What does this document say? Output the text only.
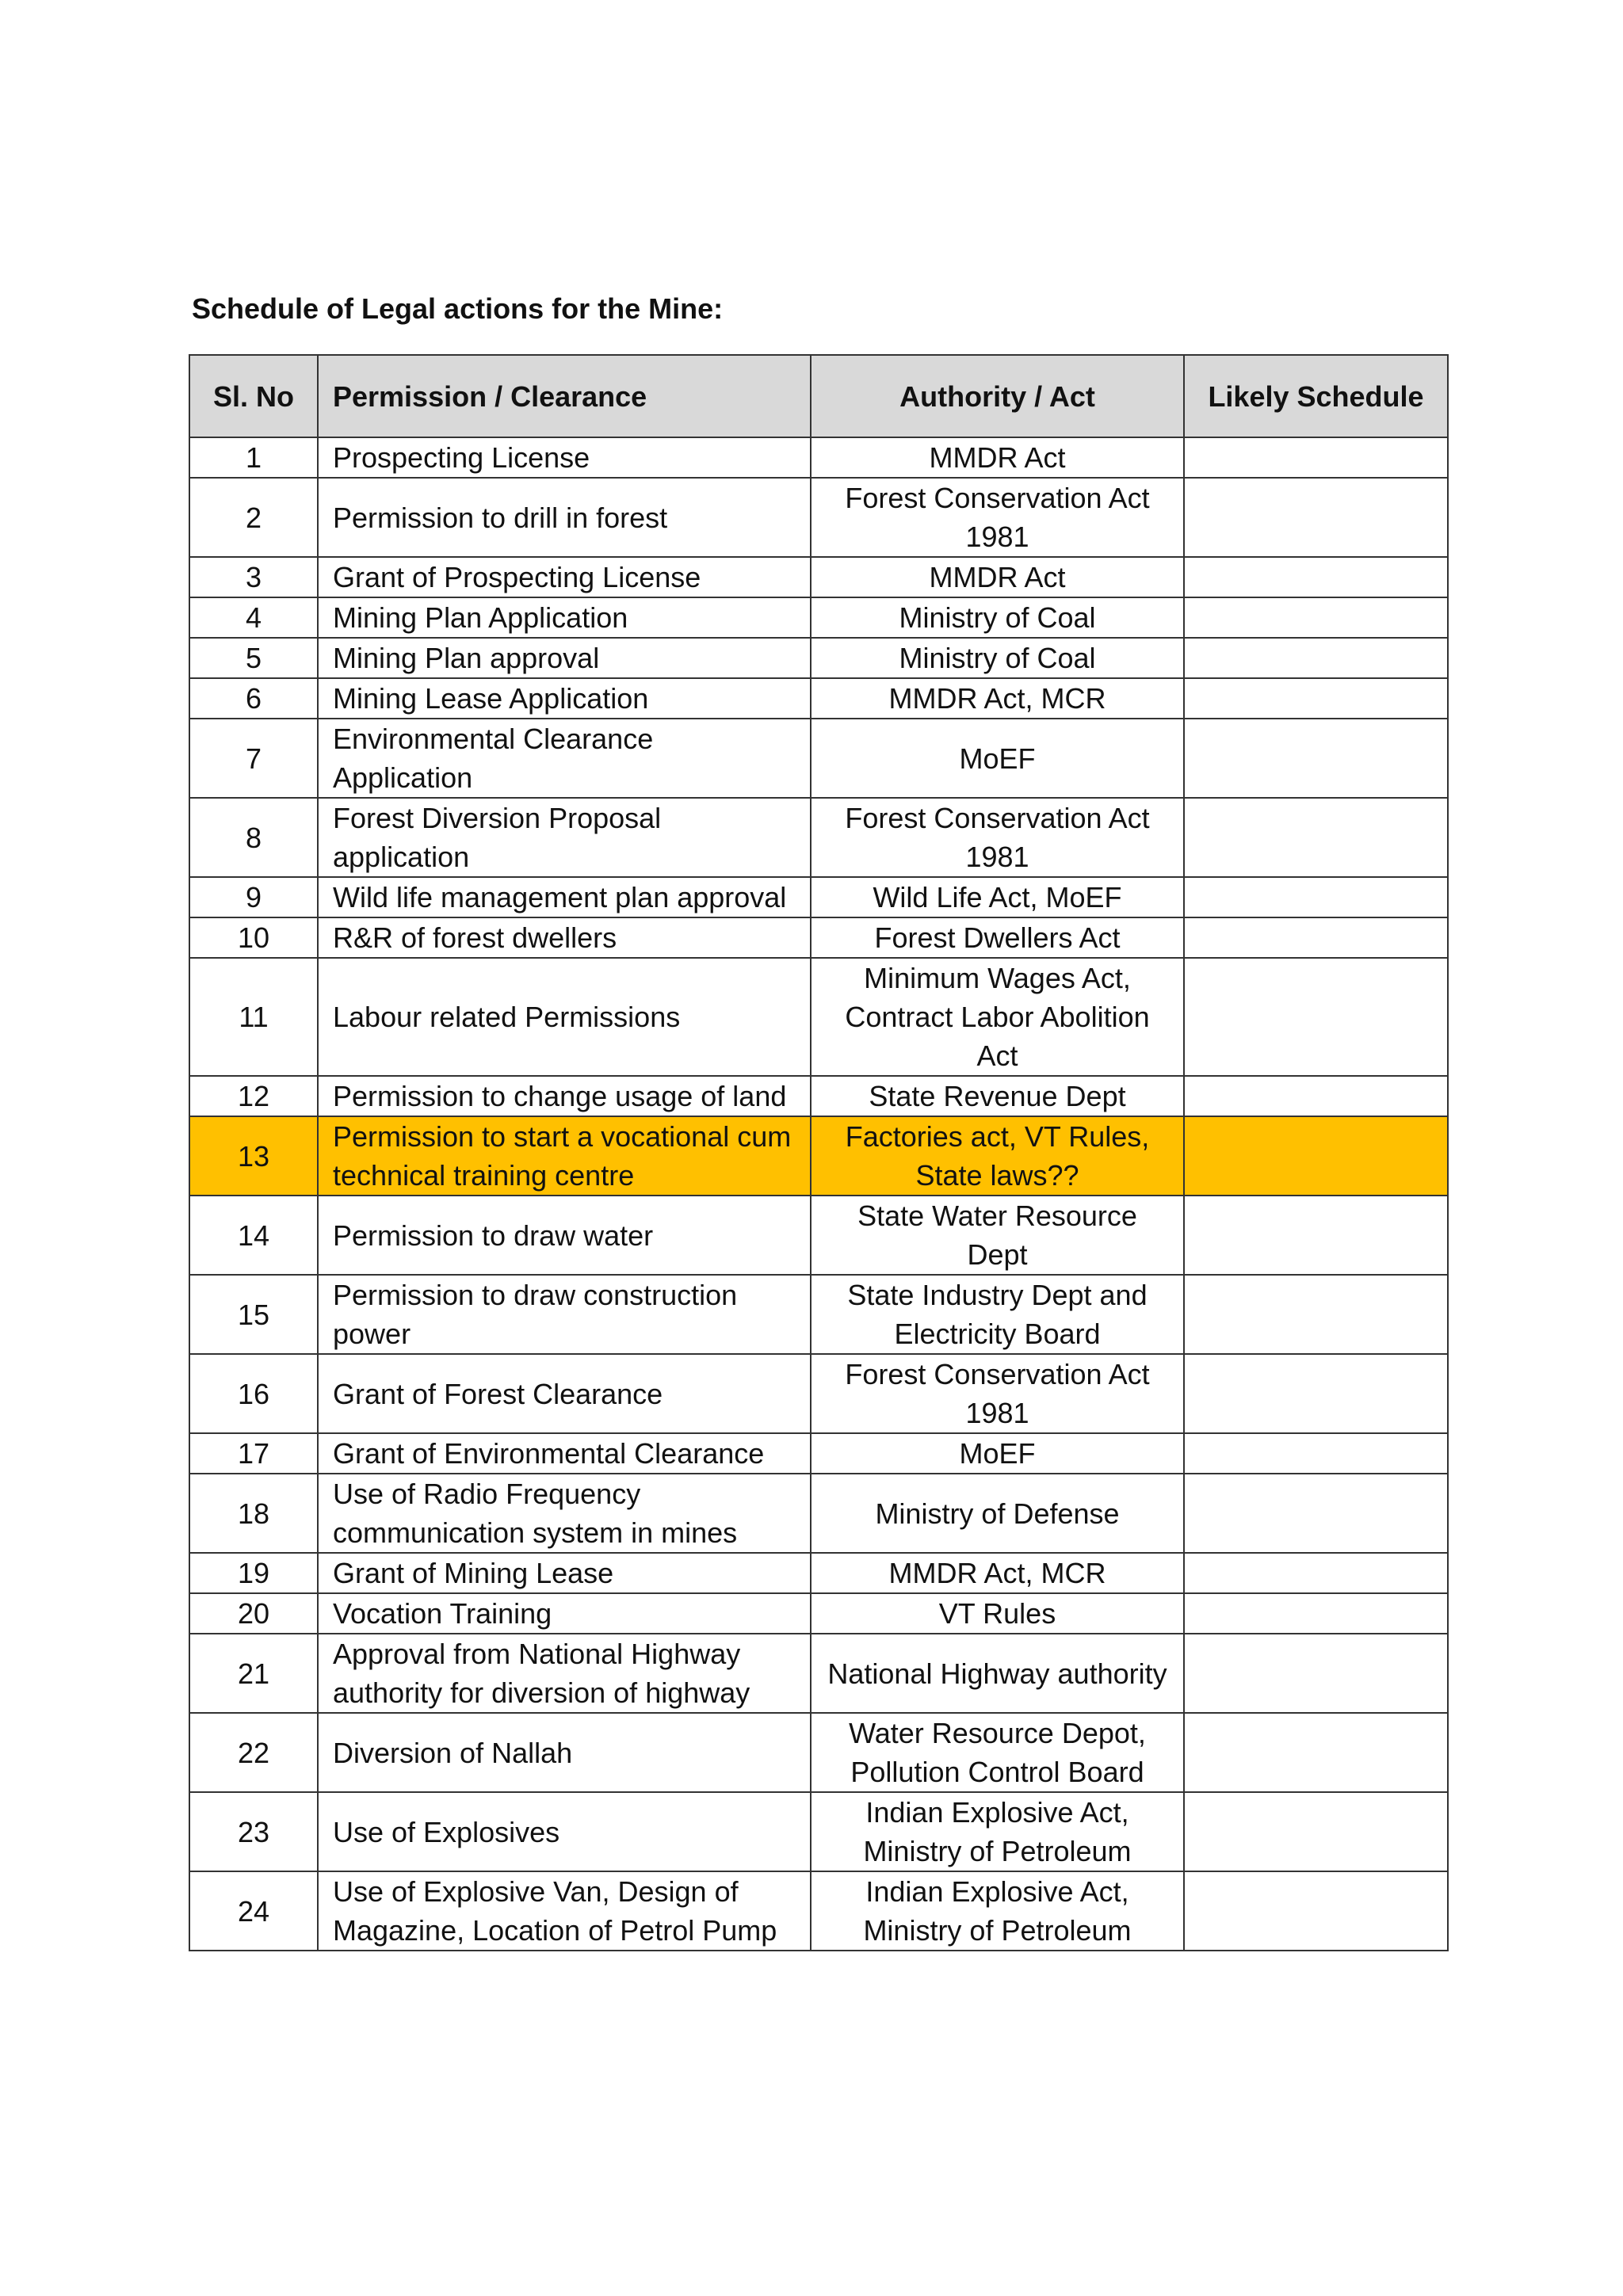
Schedule of Legal actions for the Mine:
Sl. No	Permission / Clearance	Authority / Act	Likely Schedule
1	Prospecting License	MMDR Act	
2	Permission to drill in forest	Forest Conservation Act 1981	
3	Grant of Prospecting License	MMDR Act	
4	Mining Plan Application	Ministry of Coal	
5	Mining Plan approval	Ministry of Coal	
6	Mining Lease Application	MMDR Act, MCR	
7	Environmental Clearance Application	MoEF	
8	Forest Diversion Proposal application	Forest Conservation Act 1981	
9	Wild life management plan approval	Wild Life Act, MoEF	
10	R&R of forest dwellers	Forest Dwellers Act	
11	Labour related Permissions	Minimum Wages Act, Contract Labor Abolition Act	
12	Permission to change usage of land	State Revenue Dept	
13	Permission to start a vocational cum technical training centre	Factories act, VT Rules, State laws??	
14	Permission to draw water	State Water Resource Dept	
15	Permission to draw construction power	State Industry Dept and Electricity Board	
16	Grant of Forest Clearance	Forest Conservation Act 1981	
17	Grant of Environmental Clearance	MoEF	
18	Use of Radio Frequency communication system in mines	Ministry of Defense	
19	Grant of Mining Lease	MMDR Act, MCR	
20	Vocation Training	VT Rules	
21	Approval from National Highway authority for diversion of highway	National Highway authority	
22	Diversion of Nallah	Water Resource Depot, Pollution Control Board	
23	Use of Explosives	Indian Explosive Act, Ministry of Petroleum	
24	Use of Explosive Van, Design of Magazine, Location of Petrol Pump	Indian Explosive Act, Ministry of Petroleum	
